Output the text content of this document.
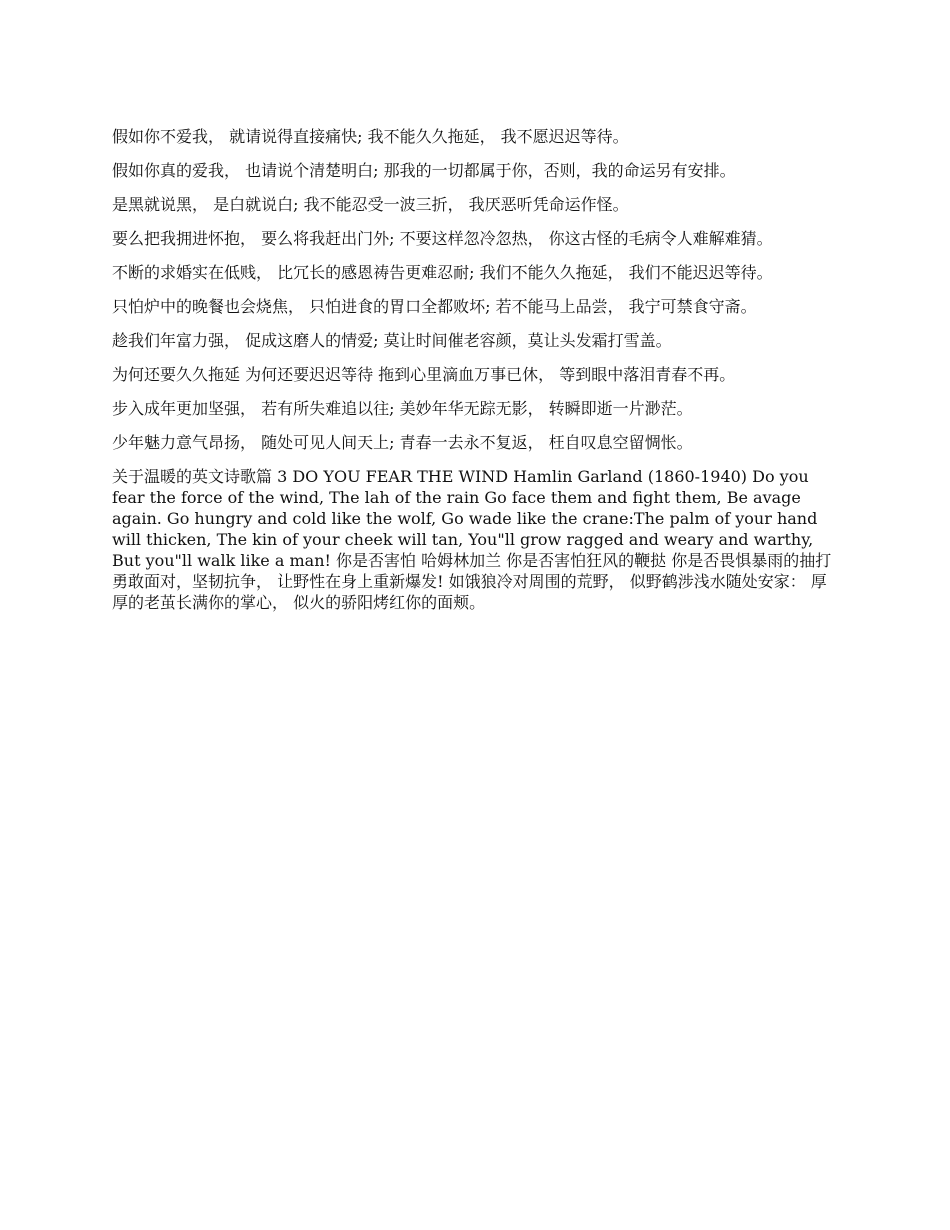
假如你不爱我， 就请说得直接痛快; 我不能久久拖延， 我不愿迟迟等待。

假如你真的爱我， 也请说个清楚明白; 那我的一切都属于你，否则，我的命运另有安排。

是黑就说黑， 是白就说白; 我不能忍受一波三折， 我厌恶听凭命运作怪。

要么把我拥进怀抱， 要么将我赶出门外; 不要这样忽冷忽热， 你这古怪的毛病令人难解难猜。

不断的求婚实在低贱， 比冗长的感恩祷告更难忍耐; 我们不能久久拖延， 我们不能迟迟等待。

只怕炉中的晚餐也会烧焦， 只怕进食的胃口全都败坏; 若不能马上品尝， 我宁可禁食守斋。

趁我们年富力强， 促成这磨人的情爱; 莫让时间催老容颜，莫让头发霜打雪盖。

为何还要久久拖延 为何还要迟迟等待 拖到心里滴血万事已休， 等到眼中落泪青春不再。

步入成年更加坚强， 若有所失难追以往; 美妙年华无踪无影， 转瞬即逝一片渺茫。

少年魅力意气昂扬， 随处可见人间天上; 青春一去永不复返， 枉自叹息空留惆怅。

关于温暖的英文诗歌篇 3 DO YOU FEAR THE WIND Hamlin Garland (1860-1940) Do you fear the force of the wind, The lah of the rain Go face them and fight them, Be avage again. Go hungry and cold like the wolf, Go wade like the crane:The palm of your hand will thicken, The kin of your cheek will tan, You"ll grow ragged and weary and warthy, But you"ll walk like a man! 你是否害怕 哈姆林加兰 你是否害怕狂风的鞭挞 你是否畏惧暴雨的抽打 勇敢面对，坚韧抗争， 让野性在身上重新爆发! 如饿狼冷对周围的荒野， 似野鹤涉浅水随处安家： 厚厚的老茧长满你的掌心， 似火的骄阳烤红你的面颊。
